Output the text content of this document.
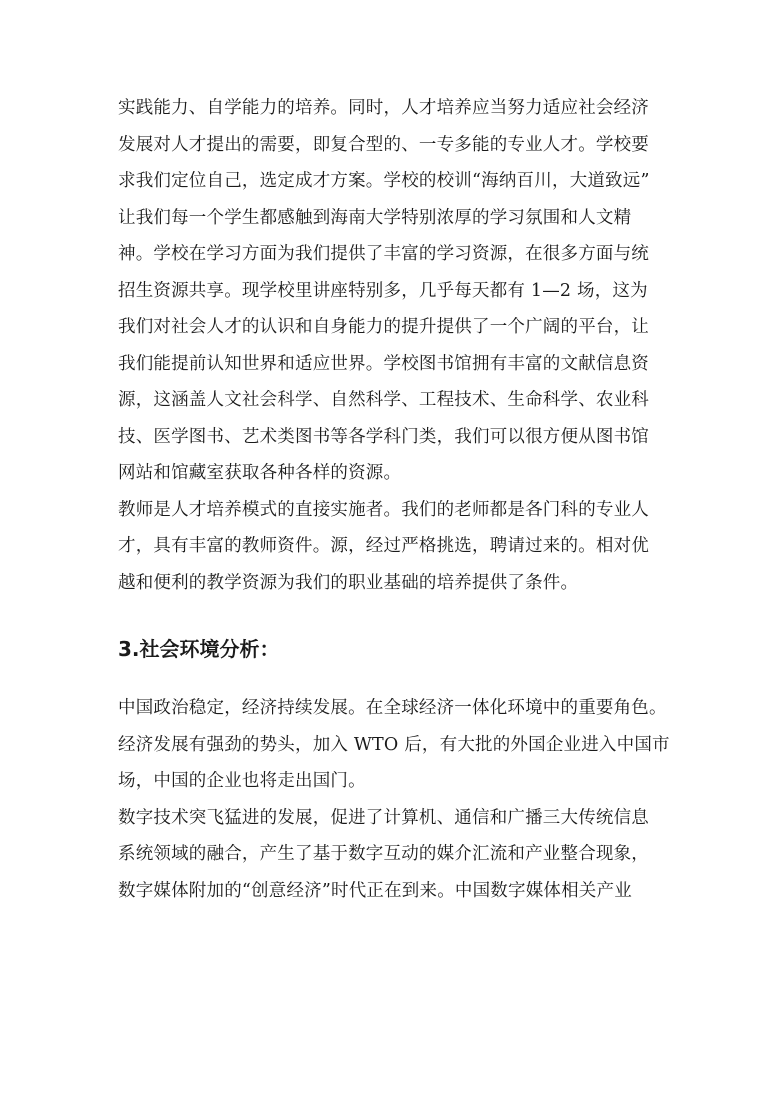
实践能力、自学能力的培养。同时，人才培养应当努力适应社会经济

发展对人才提出的需要，即复合型的、一专多能的专业人才。学校要

求我们定位自己，选定成才方案。学校的校训“海纳百川，大道致远”

让我们每一个学生都感触到海南大学特别浓厚的学习氛围和人文精

神。学校在学习方面为我们提供了丰富的学习资源，在很多方面与统

招生资源共享。现学校里讲座特别多，几乎每天都有 1—2 场，这为

我们对社会人才的认识和自身能力的提升提供了一个广阔的平台，让

我们能提前认知世界和适应世界。学校图书馆拥有丰富的文献信息资

源，这涵盖人文社会科学、自然科学、工程技术、生命科学、农业科

技、医学图书、艺术类图书等各学科门类，我们可以很方便从图书馆

网站和馆藏室获取各种各样的资源。

教师是人才培养模式的直接实施者。我们的老师都是各门科的专业人

才，具有丰富的教师资件。源，经过严格挑选，聘请过来的。相对优

越和便利的教学资源为我们的职业基础的培养提供了条件。

3.社会环境分析：

中国政治稳定，经济持续发展。在全球经济一体化环境中的重要角色。

经济发展有强劲的势头，加入 WTO 后，有大批的外国企业进入中国市

场，中国的企业也将走出国门。

数字技术突飞猛进的发展，促进了计算机、通信和广播三大传统信息

系统领域的融合，产生了基于数字互动的媒介汇流和产业整合现象，

数字媒体附加的“创意经济”时代正在到来。中国数字媒体相关产业
